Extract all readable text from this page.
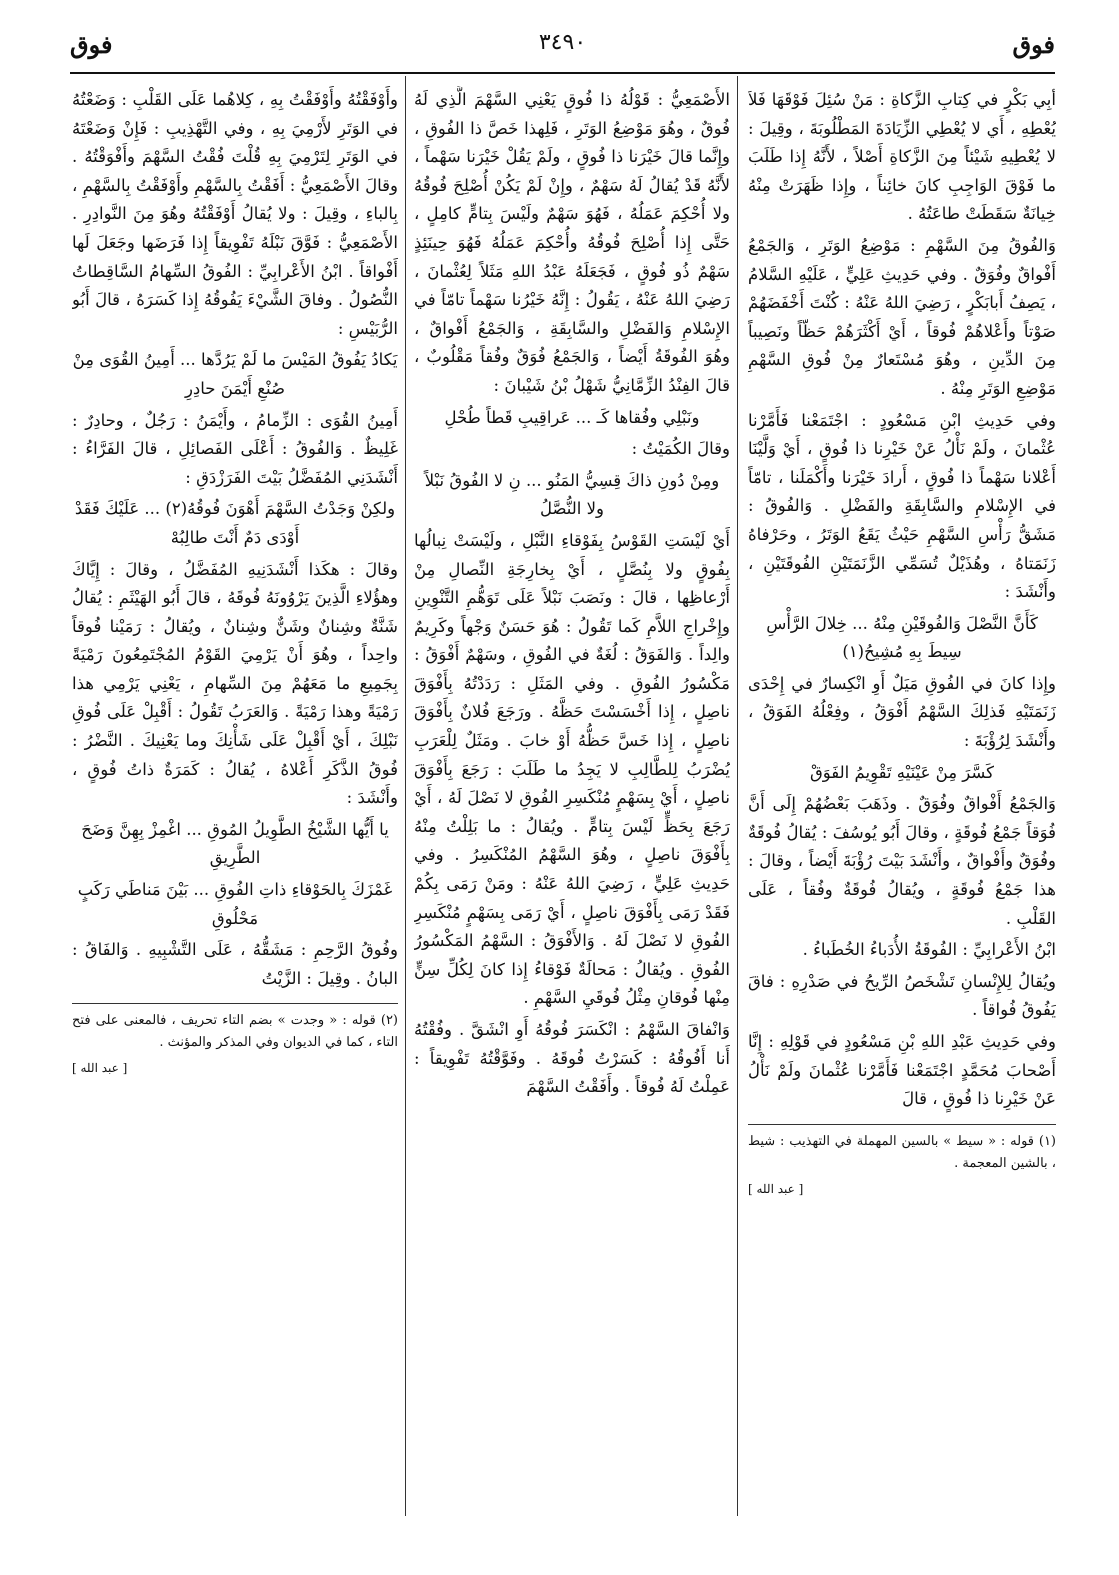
فوق
٣٤٩٠
فوق

أبِي بَكْرٍ في كِتابِ الزَّكاةِ : مَنْ سُئِلَ فَوْقَهَا فَلاَ يُعْطِهِ ، أَي لا يُعْطِي الزِّيَادَةَ المَطْلُوبَةَ ، وقِيلَ : لا يُعْطِيهِ شَيْئاً مِنَ الزَّكاةِ أَصْلاً ، لأَنَّهُ إِذا طَلَبَ ما فَوْقَ الوَاجِبِ كانَ خائِناً ، وإِذا ظَهَرَتْ مِنْهُ خِيانَةٌ سَقَطَتْ طاعَتُهُ .

وَالفُوقُ مِنَ السَّهْمِ : مَوْضِعُ الوَتَرِ ، وَالجَمْعُ أَفْواقٌ وفُوَقٌ . وفي حَدِيثِ عَلِيٍّ ، عَلَيْهِ السَّلامُ ، يَصِفُ أَبابَكْرٍ ، رَضِيَ اللهُ عَنْهُ : كُنْتَ أَخْفَضَهُمْ صَوْتاً وأَعْلاهُمْ فُوقاً ، أَيْ أَكْثَرَهُمْ حَظّاً ونَصِيباً مِنَ الدِّينِ ، وهُوَ مُسْتَعارٌ مِنْ فُوقِ السَّهْمِ مَوْضِعِ الوَتَرِ مِنْهُ .

وفي حَدِيثِ ابْنِ مَسْعُودٍ : اجْتَمَعْنا فَأَمَّرْنا عُثْمانَ ، ولَمْ نَأْلُ عَنْ خَيْرِنا ذا فُوقٍ ، أَيْ وَلَّيْنَا أَعْلانا سَهْماً ذا فُوقٍ ، أَرادَ خَيْرَنا وأَكْمَلَنا ، تامّاً في الإِسْلامِ والسَّابِقَةِ والفَضْلِ . وَالفُوقُ : مَشَقُّ رَأْسِ السَّهْمِ حَيْثُ يَقَعُ الوَتَرُ ، وحَرْفاهُ زَنَمَتاهُ ، وهُذَيْلٌ تُسَمِّي الزَّنَمَتَيْنِ الفُوقَتَيْنِ ، وأَنْشَدَ :

كَأَنَّ النَّصْلَ وَالفُوقَيْنِ مِنْهُ ... خِلالَ الرَّأْسِ سِيطَ بِهِ مُشِيحُ(١)

وإِذا كانَ في الفُوقِ مَيَلٌ أَوِ انْكِسارٌ في إِحْدَى زَنَمَتَيْهِ فَذلِكَ السَّهْمُ أَفْوَقُ ، وفِعْلُهُ الفَوَقُ ، وأَنْشَدَ لِرُؤْبَةَ :

كَسَّرَ مِنْ عَيْنَيْهِ تَقْوِيمُ الفَوَقْ

وَالجَمْعُ أَفْواقٌ وفُوَقٌ . وذَهَبَ بَعْضُهُمْ إِلَى أَنَّ فُوَقاً جَمْعُ فُوقَةٍ ، وقالَ أَبُو يُوسُفَ : يُقالُ فُوقَةٌ وفُوَقٌ وأَفْواقٌ ، وأَنْشَدَ بَيْتَ رُؤْبَةَ أَيْضاً ، وقالَ : هذا جَمْعُ فُوقَةٍ ، ويُقالُ فُوقَةٌ وفُقاً ، عَلَى القَلْبِ .

ابْنُ الأَعْرابِيِّ : الفُوقَةُ الأُدَباءُ الخُطَباءُ .

ويُقالُ لِلإِنْسانِ تَشْخَصُ الرِّيحُ في صَدْرِهِ : فاقَ يَفُوقُ فُواقاً .

وفي حَدِيثِ عَبْدِ اللهِ بْنِ مَسْعُودٍ في قَوْلِهِ : إِنَّا أَصْحابَ مُحَمَّدٍ اجْتَمَعْنا فَأَمَّرْنا عُثْمانَ ولَمْ نَأْلُ عَنْ خَيْرِنا ذا فُوقٍ ، قالَ

(١) قوله : « سيط » بالسين المهملة في التهذيب : شيط ، بالشين المعجمة .

[ عبد الله ]

الأَصْمَعِيُّ : قَوْلُهُ ذا فُوقٍ يَعْنِي السَّهْمَ الَّذِي لَهُ فُوقٌ ، وهُوَ مَوْضِعُ الوَتَرِ ، فَلِهذا خَصَّ ذا الفُوقِ ، وإِنَّما قالَ خَيْرَنا ذا فُوقٍ ، ولَمْ يَقُلْ خَيْرَنا سَهْماً ، لأَنَّهُ قَدْ يُقالُ لَهُ سَهْمٌ ، وإِنْ لَمْ يَكُنْ أُصْلِحَ فُوقُهُ ولا أُحْكِمَ عَمَلُهُ ، فَهُوَ سَهْمٌ ولَيْسَ بِتامٍّ كامِلٍ ، حَتَّى إِذا أُصْلِحَ فُوقُهُ وأُحْكِمَ عَمَلُهُ فَهُوَ حِينَئِذٍ سَهْمٌ ذُو فُوقٍ ، فَجَعَلَهُ عَبْدُ اللهِ مَثَلاً لِعُثْمانَ ، رَضِيَ اللهُ عَنْهُ ، يَقُولُ : إِنَّهُ خَيْرُنا سَهْماً تامّاً في الإِسْلامِ وَالفَضْلِ والسَّابِقَةِ ، وَالجَمْعُ أَفْواقٌ ، وهُوَ الفُوقَةُ أَيْضاً ، وَالجَمْعُ فُوَقٌ وفُقاً مَقْلُوبٌ ، قالَ الفِنْدُ الزِّمَّانِيُّ شَهْلُ بْنُ شَيْبانَ :

ونَبْلِي وفُقاها كَـ ... عَراقِيبِ قَطاً طُحْلِ

وقالَ الكُمَيْتُ :

ومِنْ دُونِ ذاكَ قِسِيُّ المَنُو ... نِ لا الفُوقُ نَبْلاً ولا النُّصَّلُ

أَيْ لَيْسَتِ القَوْسُ بِفَوْقاءِ النَّبْلِ ، ولَيْسَتْ نِبالُها بِفُوقٍ ولا بِنُصَّلٍ ، أَيْ بِخارِجَةِ النِّصالِ مِنْ أَرْعاظِها ، قالَ : ونَصَبَ نَبْلاً عَلَى تَوَهُّمِ التَّنْوِينِ وإِخْراجِ اللاَّمِ كَما تَقُولُ : هُوَ حَسَنٌ وَجْهاً وكَرِيمٌ والِداً . وَالفَوَقُ : لُغَةٌ في الفُوقِ ، وسَهْمٌ أَفْوَقُ : مَكْسُورُ الفُوقِ . وفي المَثَلِ : رَدَدْتُهُ بِأَفْوَقَ ناصِلٍ ، إِذا أَخْسَسْتَ حَظَّهُ . ورَجَعَ فُلانٌ بِأَفْوَقَ ناصِلٍ ، إِذا خَسَّ حَظُّهُ أَوْ خابَ . ومَثَلٌ لِلْعَرَبِ يُضْرَبُ لِلطَّالِبِ لا يَجِدُ ما طَلَبَ : رَجَعَ بِأَفْوَقَ ناصِلٍ ، أَيْ بِسَهْمٍ مُنْكَسِرِ الفُوقِ لا نَصْلَ لَهُ ، أَيْ رَجَعَ بِحَظٍّ لَيْسَ بِتامٍّ . ويُقالُ : ما بَلِلْتُ مِنْهُ بِأَفْوَقَ ناصِلٍ ، وهُوَ السَّهْمُ المُنْكَسِرُ . وفي حَدِيثِ عَلِيٍّ ، رَضِيَ اللهُ عَنْهُ : ومَنْ رَمَى بِكُمْ فَقَدْ رَمَى بِأَفْوَقَ ناصِلٍ ، أَيْ رَمَى بِسَهْمٍ مُنْكَسِرِ الفُوقِ لا نَصْلَ لَهُ . وَالأَفْوَقُ : السَّهْمُ المَكْسُورُ الفُوقِ . ويُقالُ : مَحالَةٌ فَوْقاءُ إِذا كانَ لِكُلِّ سِنٍّ مِنْها فُوقانِ مِثْلُ فُوقَيِ السَّهْمِ .

وَانْفاقَ السَّهْمُ : انْكَسَرَ فُوقُهُ أَوِ انْشَقَّ . وفُقْتُهُ أَنا أَفُوقُهُ : كَسَرْتُ فُوقَهُ . وفَوَّقْتُهُ تَفْوِيقاً : عَمِلْتُ لَهُ فُوقاً . وأَفَقْتُ السَّهْمَ

وأَوْفَقْتُهُ وأَوْفَقْتُ بِهِ ، كِلاهُما عَلَى القَلْبِ : وَضَعْتُهُ في الوَتَرِ لأَرْمِيَ بِهِ ، وفي التَّهْذِيبِ : فَإِنْ وَضَعْتَهُ في الوَتَرِ لِتَرْمِيَ بِهِ قُلْتَ فُقْتُ السَّهْمَ وأَفْوَقْتُهُ . وقالَ الأَصْمَعِيُّ : أَفَقْتُ بِالسَّهْمِ وأَوْفَقْتُ بِالسَّهْمِ ، بِالباءِ ، وقِيلَ : ولا يُقالُ أَوْفَقْتُهُ وهُوَ مِنَ النَّوادِرِ . الأَصْمَعِيُّ : فَوَّقَ نَبْلَهُ تَفْوِيقاً إِذا فَرَضَها وجَعَلَ لَها أَفْواقاً . ابْنُ الأَعْرابِيِّ : الفُوقُ السِّهامُ السَّاقِطاتُ النُّصُولُ . وفاقَ الشَّيْءَ يَفُوقُهُ إِذا كَسَرَهُ ، قالَ أَبُو الرُّبَيْسِ :

يَكادُ يَفُوقُ المَيْسَ ما لَمْ يَرُدَّها ... أَمِينُ القُوَى مِنْ صُنْعِ أَيْمَنَ حادِرِ

أَمِينُ القُوَى : الزِّمامُ ، وأَيْمَنُ : رَجُلٌ ، وحادِرٌ : غَلِيظٌ . وَالفُوقُ : أَعْلَى الفَصائِلِ ، قالَ الفَرَّاءُ : أَنْشَدَنِي المُفَضَّلُ بَيْتَ الفَرَزْدَقِ :

ولكِنْ وَجَدْتُ السَّهْمَ أَهْوَنَ فُوقُهُ(٢) ... عَلَيْكَ فَقَدْ أَوْدَى دَمٌ أَنْتَ طالِبُهْ

وقالَ : هكَذا أَنْشَدَنِيهِ المُفَضَّلُ ، وقالَ : إِيَّاكَ وهؤُلاءِ الَّذِينَ يَرْوُونَهُ فُوقَهُ ، قالَ أَبُو الهَيْثَمِ : يُقالُ شَنَّةٌ وشِنانٌ وشَنٌّ وشِنانٌ ، ويُقالُ : رَمَيْنا فُوقاً واحِداً ، وهُوَ أَنْ يَرْمِيَ القَوْمُ المُجْتَمِعُونَ رَمْيَةً بِجَمِيعِ ما مَعَهُمْ مِنَ السِّهامِ ، يَعْنِي يَرْمِي هذا رَمْيَةً وهذا رَمْيَةً . وَالعَرَبُ تَقُولُ : أَقْبِلْ عَلَى فُوقِ نَبْلِكَ ، أَيْ أَقْبِلْ عَلَى شَأْنِكَ وما يَعْنِيكَ . النَّضْرُ : فُوقُ الذَّكَرِ أَعْلاهُ ، يُقالُ : كَمَرَةٌ ذاتُ فُوقٍ ، وأَنْشَدَ :

يا أَيُّها الشَّيْخُ الطَّوِيلُ المُوقِ ... اغْمِزْ بِهِنَّ وَضَحَ الطَّرِيقِ

غَمْزَكَ بِالحَوْقاءِ ذاتِ الفُوقِ ... بَيْنَ مَناطَي رَكَبٍ مَحْلُوقِ

وفُوقُ الرَّحِمِ : مَشَقُّهُ ، عَلَى التَّشْبِيهِ . وَالفَاقُ : البانُ . وقِيلَ : الزَّيْتُ

(٢) قوله : « وجدت » بضم التاء تحريف ، فالمعنى على فتح التاء ، كما في الديوان وفي المذكر والمؤنث .

[ عبد الله ]
